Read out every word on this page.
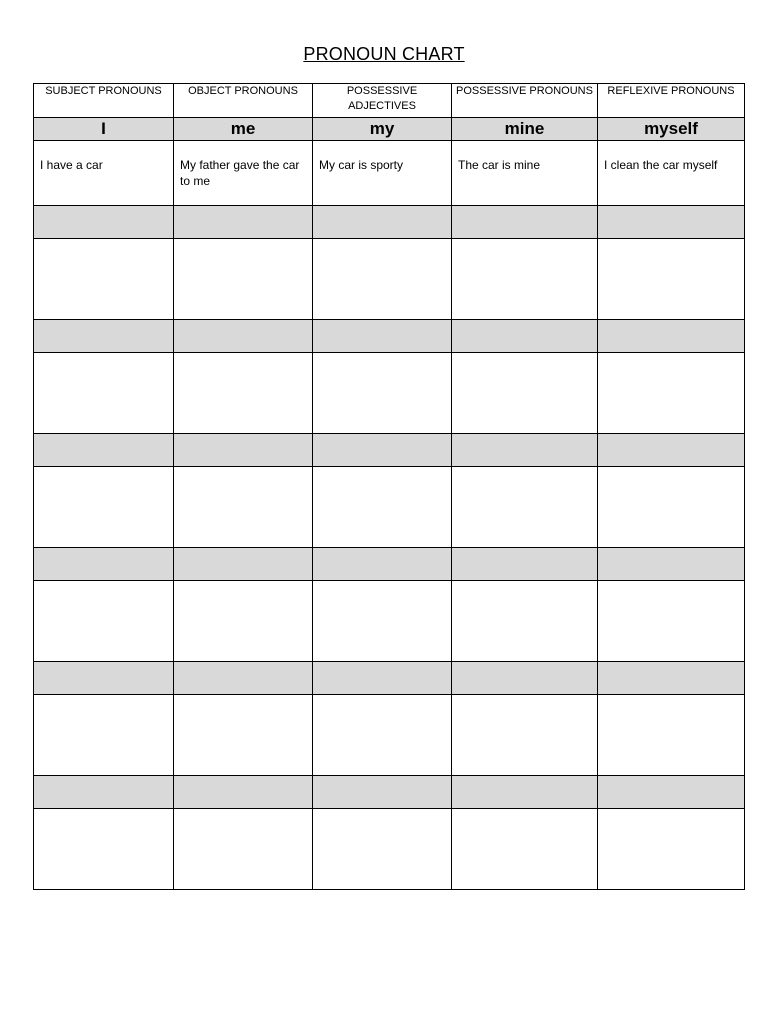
PRONOUN CHART
SUBJECT PRONOUNS	OBJECT PRONOUNS	POSSESSIVE ADJECTIVES	POSSESSIVE PRONOUNS	REFLEXIVE PRONOUNS
I	me	my	mine	myself
I have a car	My father gave the car to me	My car is sporty	The car is mine	I clean the car myself
